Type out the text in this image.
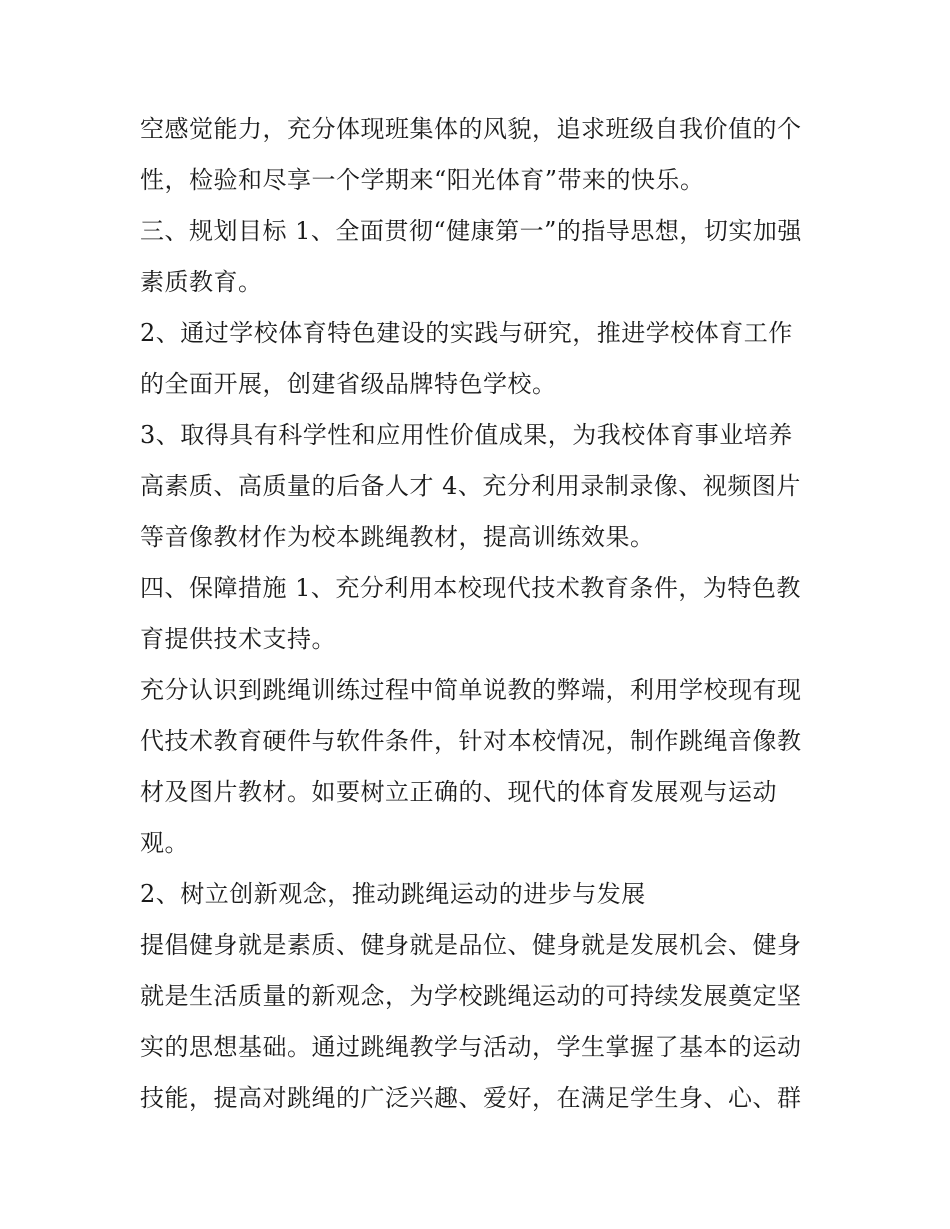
空感觉能力，充分体现班集体的风貌，追求班级自我价值的个
性，检验和尽享一个学期来“阳光体育”带来的快乐。
三、规划目标 1、全面贯彻“健康第一”的指导思想，切实加强
素质教育。
2、通过学校体育特色建设的实践与研究，推进学校体育工作
的全面开展，创建省级品牌特色学校。
3、取得具有科学性和应用性价值成果，为我校体育事业培养
高素质、高质量的后备人才 4、充分利用录制录像、视频图片
等音像教材作为校本跳绳教材，提高训练效果。
四、保障措施 1、充分利用本校现代技术教育条件，为特色教
育提供技术支持。
充分认识到跳绳训练过程中简单说教的弊端，利用学校现有现
代技术教育硬件与软件条件，针对本校情况，制作跳绳音像教
材及图片教材。如要树立正确的、现代的体育发展观与运动
观。
2、树立创新观念，推动跳绳运动的进步与发展
提倡健身就是素质、健身就是品位、健身就是发展机会、健身
就是生活质量的新观念，为学校跳绳运动的可持续发展奠定坚
实的思想基础。通过跳绳教学与活动，学生掌握了基本的运动
技能，提高对跳绳的广泛兴趣、爱好，在满足学生身、心、群
